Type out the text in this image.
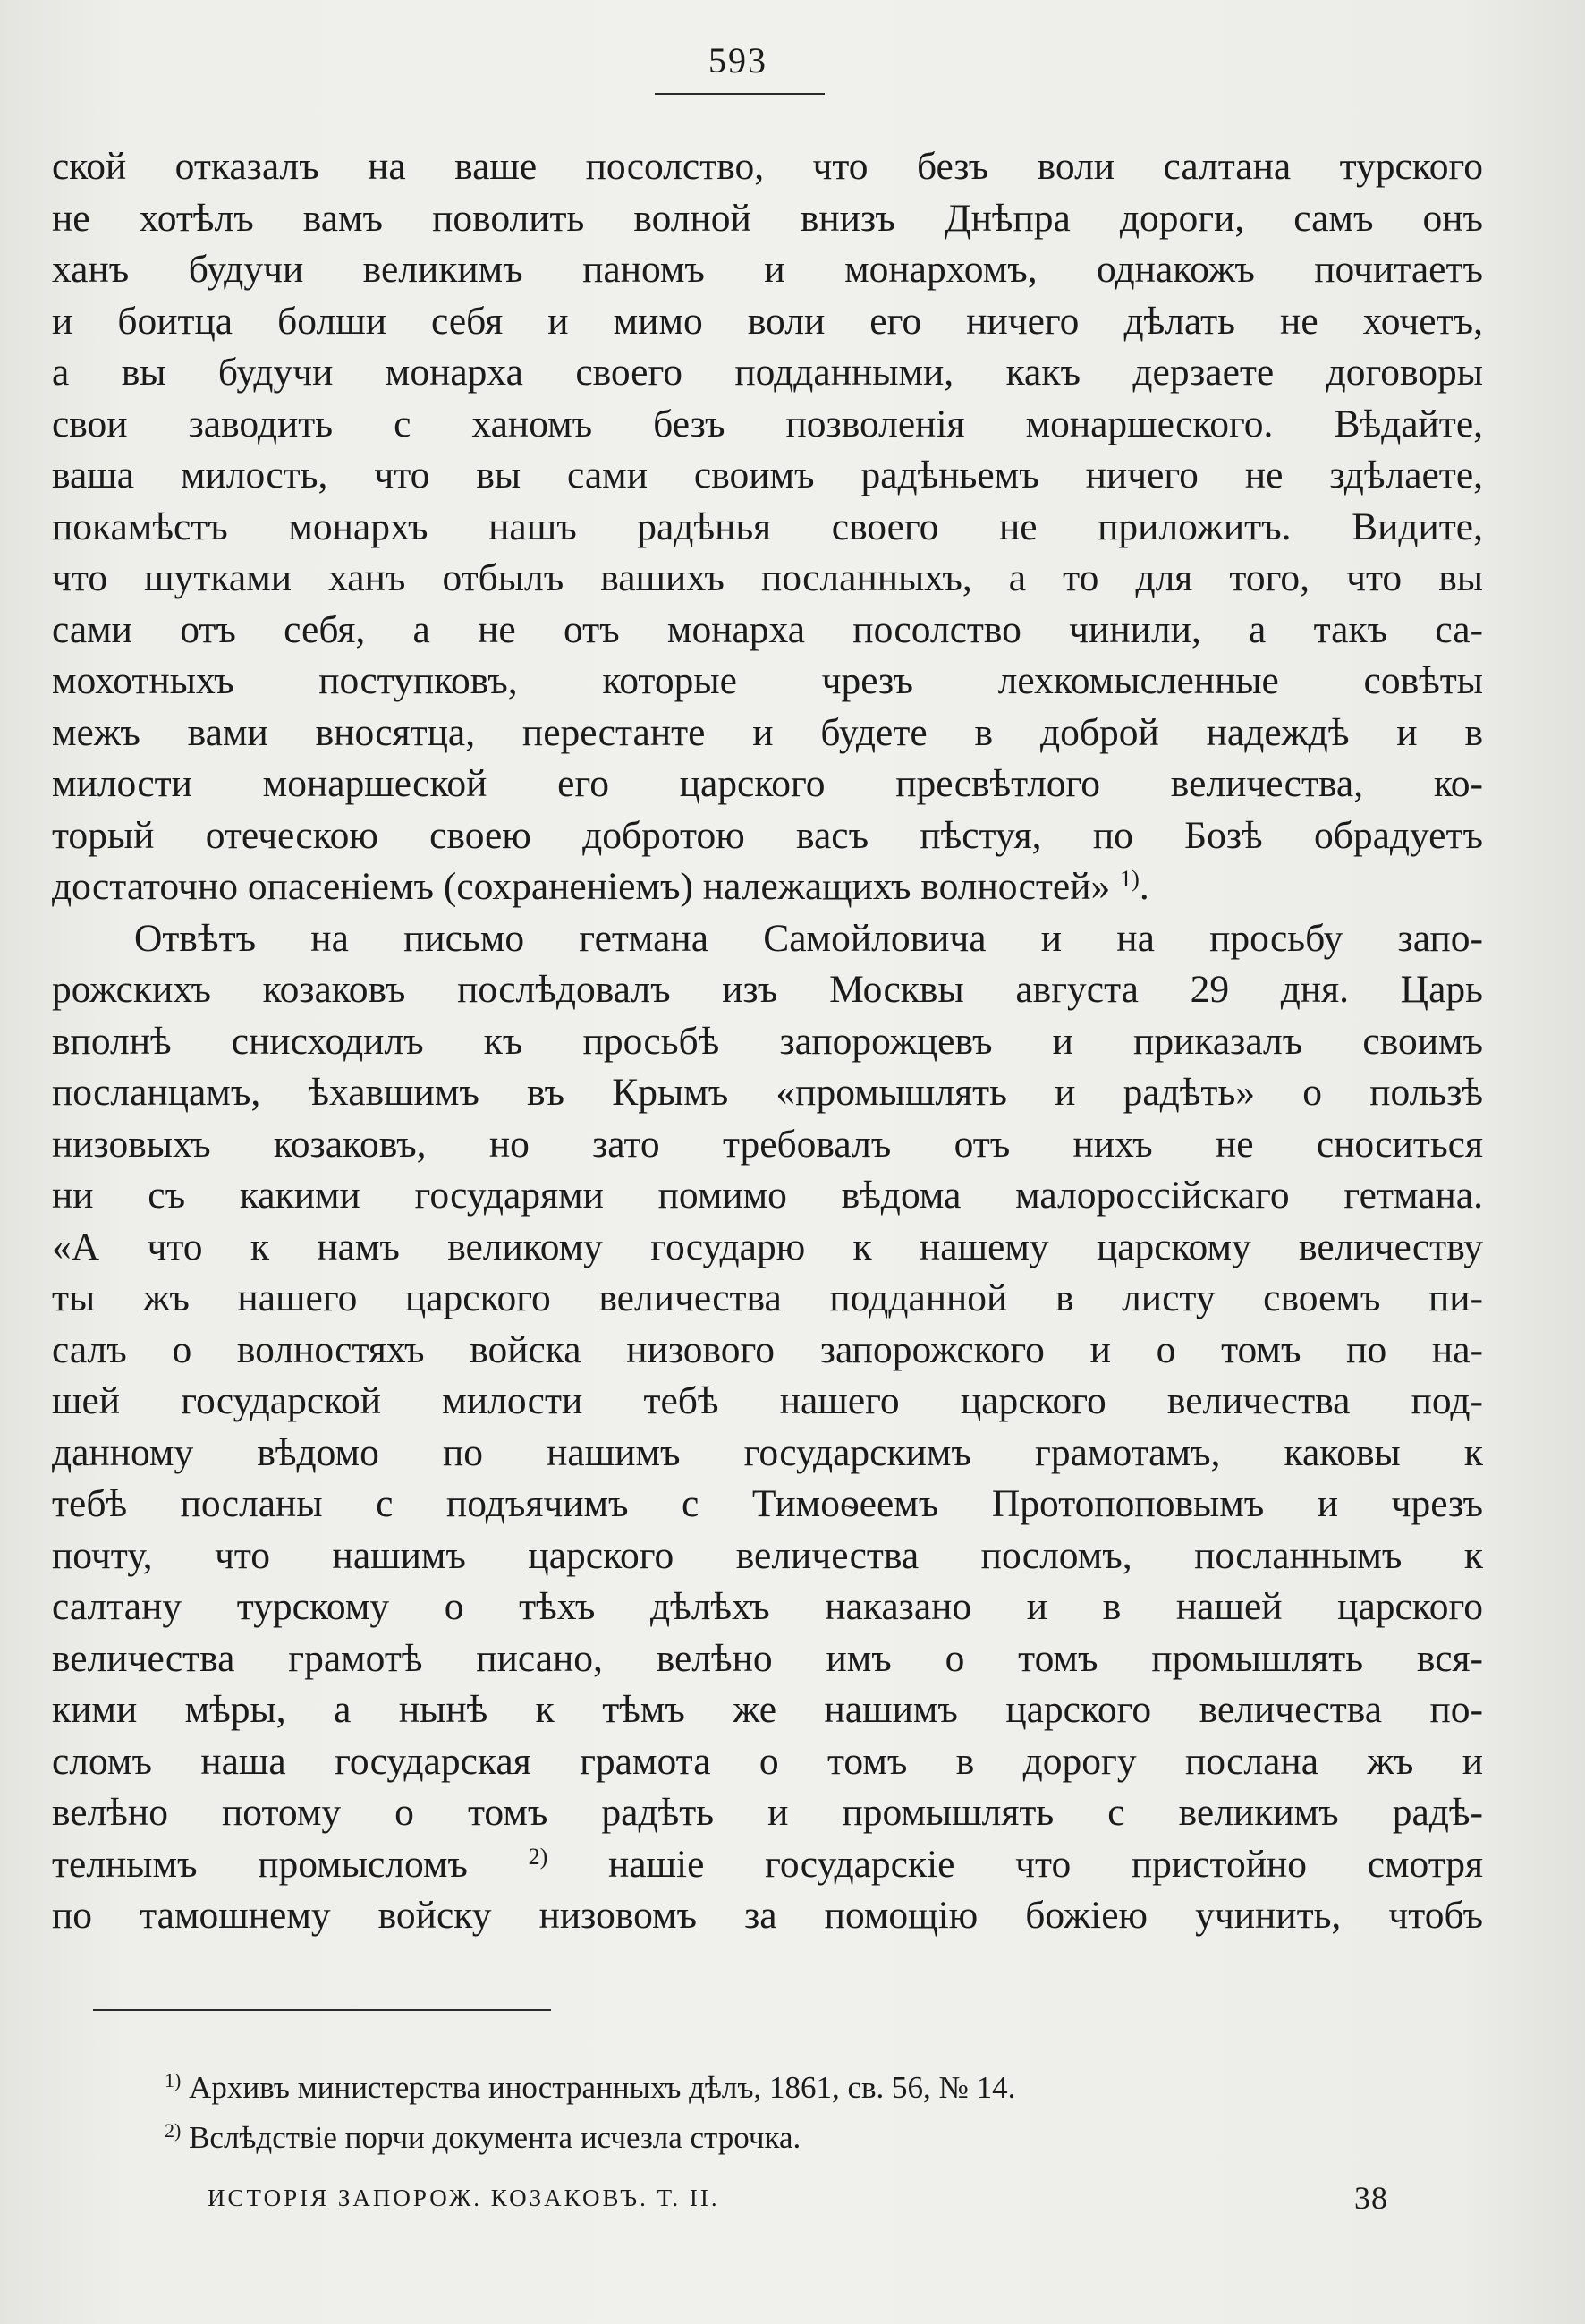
593
ской отказалъ на ваше посолство, что безъ воли салтана турского
не хотѣлъ вамъ поволить волной внизъ Днѣпра дороги, самъ онъ
ханъ будучи великимъ паномъ и монархомъ, однакожъ почитаетъ
и боитца болши себя и мимо воли его ничего дѣлать не хочетъ,
а вы будучи монарха своего подданными, какъ дерзаете договоры
свои заводить с ханомъ безъ позволенія монаршеского. Вѣдайте,
ваша милость, что вы сами своимъ радѣньемъ ничего не здѣлаете,
покамѣстъ монархъ нашъ радѣнья своего не приложитъ. Видите,
что шутками ханъ отбылъ вашихъ посланныхъ, а то для того, что вы
сами отъ себя, а не отъ монарха посолство чинили, а такъ са-
мохотныхъ поступковъ, которые чрезъ лехкомысленные совѣты
межъ вами вносятца, перестанте и будете в доброй надеждѣ и в
милости монаршеской его царского пресвѣтлого величества, ко-
торый отеческою своею добротою васъ пѣстуя, по Бозѣ обрадуетъ
достаточно опасеніемъ (сохраненіемъ) належащихъ волностей» $^{1)}$.
Отвѣтъ на письмо гетмана Самойловича и на просьбу запо-
рожскихъ козаковъ послѣдовалъ изъ Москвы августа 29 дня. Царь
вполнѣ снисходилъ къ просьбѣ запорожцевъ и приказалъ своимъ
посланцамъ, ѣхавшимъ въ Крымъ «промышлять и радѣть» о пользѣ
низовыхъ козаковъ, но зато требовалъ отъ нихъ не сноситься
ни съ какими государями помимо вѣдома малороссійскаго гетмана.
«А что к намъ великому государю к нашему царскому величеству
ты жъ нашего царского величества подданной в листу своемъ пи-
салъ о волностяхъ войска низового запорожского и о томъ по на-
шей государской милости тебѣ нашего царского величества под-
данному вѣдомо по нашимъ государскимъ грамотамъ, каковы к
тебѣ посланы с подъячимъ с Тимоѳеемъ Протопоповымъ и чрезъ
почту, что нашимъ царского величества посломъ, посланнымъ к
салтану турскому о тѣхъ дѣлѣхъ наказано и в нашей царского
величества грамотѣ писано, велѣно имъ о томъ промышлять вся-
кими мѣры, а нынѣ к тѣмъ же нашимъ царского величества по-
сломъ наша государская грамота о томъ в дорогу послана жъ и
велѣно потому о томъ радѣть и промышлять с великимъ радѣ-
телнымъ промысломъ	$^{2)}$ нашіе государскіе что пристойно смотря
по тамошнему войску низовомъ за помощію божіею учинить, чтобъ
$^{1)}$ Архивъ министерства иностранныхъ дѣлъ, 1861, св. 56, № 14.
$^{2)}$ Вслѣдствіе порчи документа исчезла строчка.
ИСТОРІЯ ЗАПОРОЖ. КОЗАКОВЪ. Т. II.	38
